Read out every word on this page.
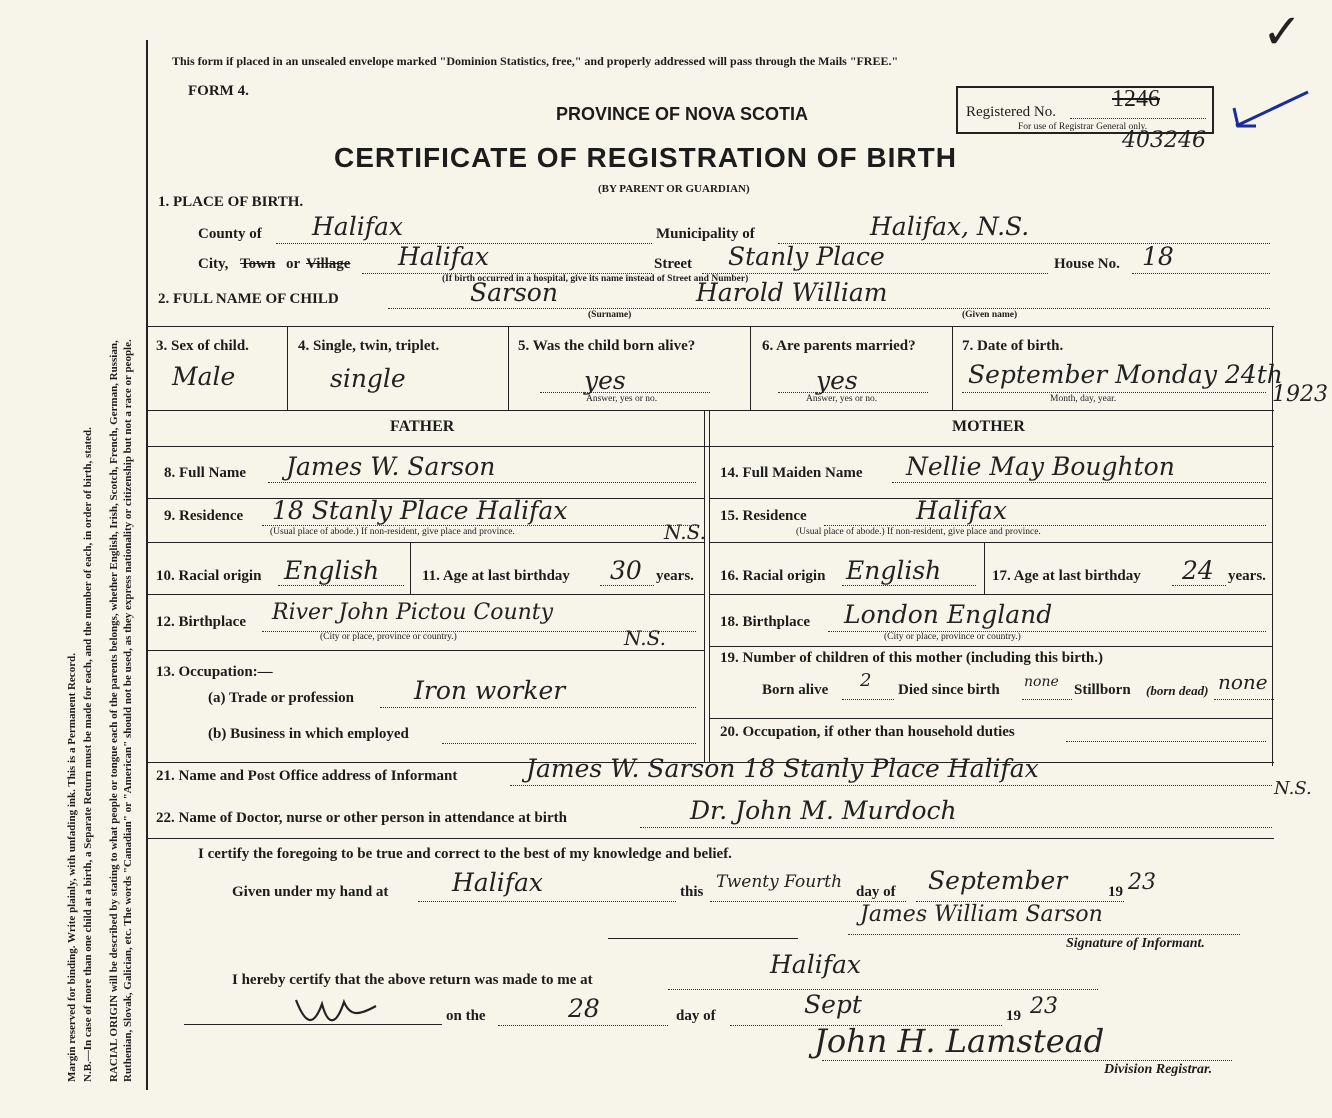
Margin reserved for binding. Write plainly, with unfading ink. This is a Permanent Record. N.B.—In case of more than one child at a birth, a Separate Return must be made for each, and the number of each, in order of birth, stated. RACIAL ORIGIN will be described by stating to what people or tongue each of the parents belongs, whether English, Irish, Scotch, French, German, Russian, Ruthenian, Slovak, Galician, etc. The words "Canadian" or "American" should not be used, as they express nationality or citizenship but not a race or people.
This form if placed in an unsealed envelope marked "Dominion Statistics, free," and properly addressed will pass through the Mails "FREE."
FORM 4.
PROVINCE OF NOVA SCOTIA
CERTIFICATE OF REGISTRATION OF BIRTH
(BY PARENT OR GUARDIAN)
Registered No. 1246
For use of Registrar General only.
403246
✓
1. PLACE OF BIRTH.
County of Halifax	Municipality of	Halifax, N.S.
City, Town or Village Halifax	Street Stanly Place
(If birth occurred in a hospital, give its name instead of Street and Number)
House No. 18
2. FULL NAME OF CHILD	Sarson	Harold William
(Surname)	(Given name)
3. Sex of child.
Male
4. Single, twin, triplet.
single
5. Was the child born alive?
yes
Answer, yes or no.
6. Are parents married?
yes
Answer, yes or no.
7. Date of birth.
September Monday 24th
1923
Month, day, year.
FATHER	MOTHER
8. Full Name James W. Sarson
9. Residence 18 Stanly Place Halifax
N.S.
(Usual place of abode.) If non-resident, give place and province.
10. Racial origin English	11. Age at last birthday 30 years.
12. Birthplace River John Pictou County
N.S.
(City or place, province or country.)
14. Full Maiden Name Nellie May Boughton
15. Residence	Halifax
(Usual place of abode.) If non-resident, give place and province.
16. Racial origin English	17. Age at last birthday 24 years.
18. Birthplace London England
(City or place, province or country.)
13. Occupation:—
(a) Trade or profession Iron worker
(b) Business in which employed
19. Number of children of this mother (including this birth.)
Born alive 2 Died since birth none Stillborn (born dead) none
20. Occupation, if other than household duties
21. Name and Post Office address of Informant	James W. Sarson 18 Stanly Place Halifax
N.S.
22. Name of Doctor, nurse or other person in attendance at birth	Dr. John M. Murdoch
I certify the foregoing to be true and correct to the best of my knowledge and belief.
Given under my hand at	Halifax	this Twenty Fourth day of September	19 23
James William Sarson
Signature of Informant.
I hereby certify that the above return was made to me at
Halifax
on the	28	day of	Sept	19 23
John H. Lamstead
Division Registrar.
